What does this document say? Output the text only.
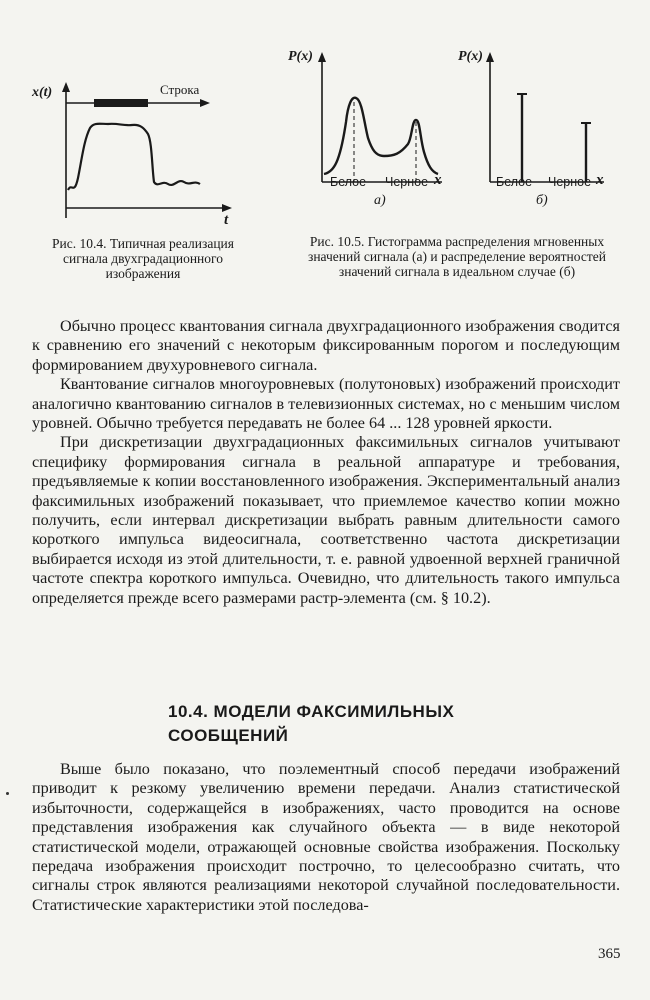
x(t)
t
Строка
Рис. 10.4. Типичная реализация сигнала двухградационного изображения
P(x)
Белое Черное x
а)
P(x)
Белое Черное x
б)
Рис. 10.5. Гистограмма распределения мгновенных значений сигнала (а) и распределение вероятностей значений сигнала в идеальном случае (б)

Обычно процесс квантования сигнала двухградационного изображения сводится к сравнению его значений с некоторым фиксированным порогом и последующим формированием двухуровневого сигнала.

Квантование сигналов многоуровневых (полутоновых) изображений происходит аналогично квантованию сигналов в телевизионных системах, но с меньшим числом уровней. Обычно требуется передавать не более 64 ... 128 уровней яркости.

При дискретизации двухградационных факсимильных сигналов учитывают специфику формирования сигнала в реальной аппаратуре и требования, предъявляемые к копии восстановленного изображения. Экспериментальный анализ факсимильных изображений показывает, что приемлемое качество копии можно получить, если интервал дискретизации выбрать равным длительности самого короткого импульса видеосигнала, соответственно частота дискретизации выбирается исходя из этой длительности, т. е. равной удвоенной верхней граничной частоте спектра короткого импульса. Очевидно, что длительность такого импульса определяется прежде всего размерами растр-элемента (см. § 10.2).

10.4. МОДЕЛИ ФАКСИМИЛЬНЫХ СООБЩЕНИЙ

Выше было показано, что поэлементный способ передачи изображений приводит к резкому увеличению времени передачи. Анализ статистической избыточности, содержащейся в изображениях, часто проводится на основе представления изображения как случайного объекта — в виде некоторой статистической модели, отражающей основные свойства изображения. Поскольку передача изображения происходит построчно, то целесообразно считать, что сигналы строк являются реализациями некоторой случайной последовательности. Статистические характеристики этой последова-

365
